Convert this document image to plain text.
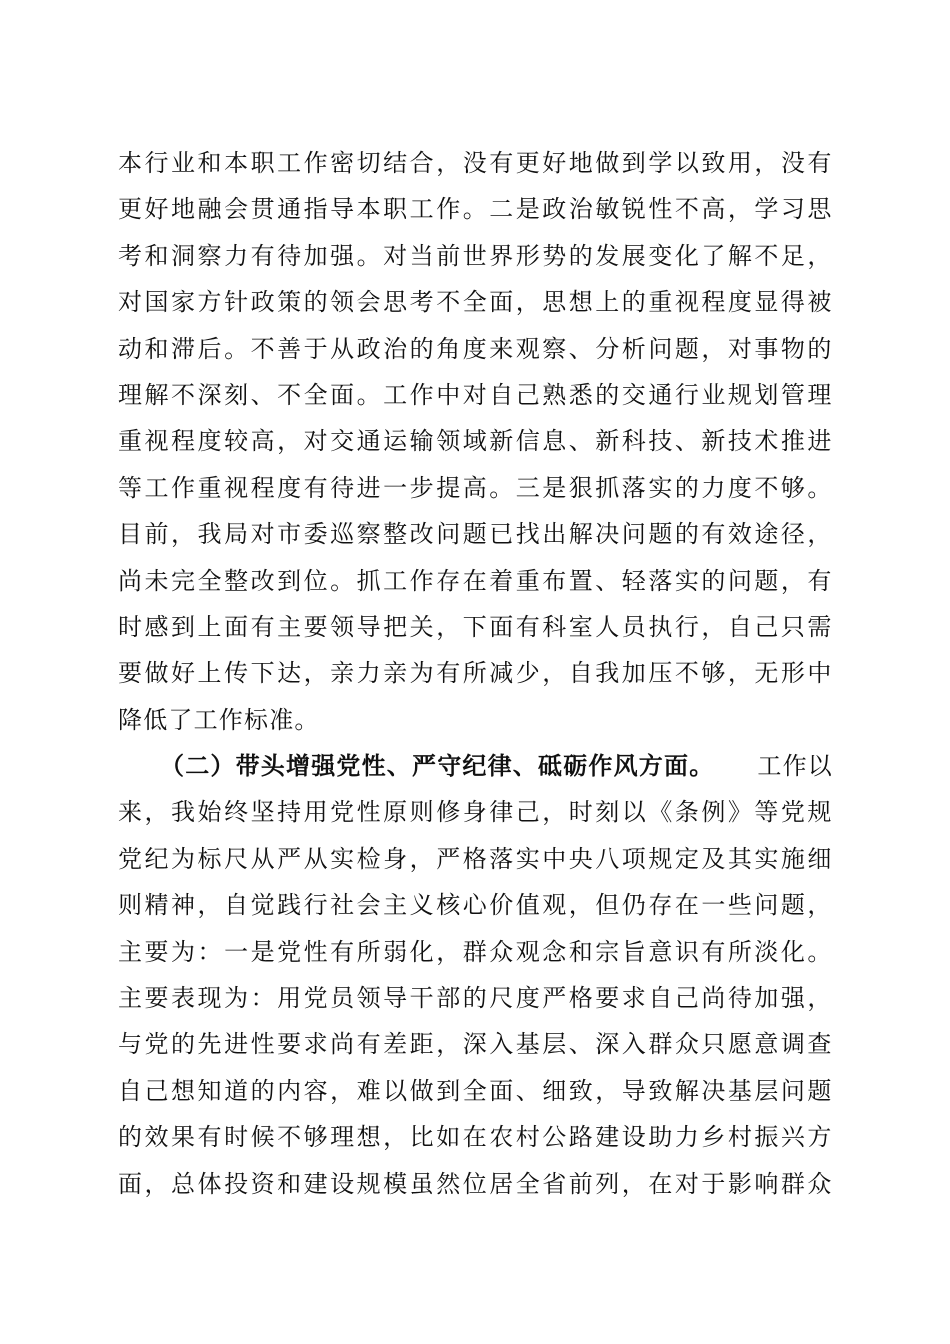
本 行 业 和 本 职 工 作 密 切 结 合 ， 没 有 更 好 地 做 到 学 以 致 用 ， 没 有
更 好 地 融 会 贯 通 指 导 本 职 工 作 。 二 是 政 治 敏 锐 性 不 高 ， 学 习 思
考 和 洞 察 力 有 待 加 强 。 对 当 前 世 界 形 势 的 发 展 变 化 了 解 不 足 ，
对 国 家 方 针 政 策 的 领 会 思 考 不 全 面 ， 思 想 上 的 重 视 程 度 显 得 被
动 和 滞 后 。 不 善 于 从 政 治 的 角 度 来 观 察 、 分 析 问 题 ， 对 事 物 的
理 解 不 深 刻 、 不 全 面 。 工 作 中 对 自 己 熟 悉 的 交 通 行 业 规 划 管 理
重 视 程 度 较 高 ， 对 交 通 运 输 领 域 新 信 息 、 新 科 技 、 新 技 术 推 进
等 工 作 重 视 程 度 有 待 进 一 步 提 高 。 三 是 狠 抓 落 实 的 力 度 不 够 。
目 前 ， 我 局 对 市 委 巡 察 整 改 问 题 已 找 出 解 决 问 题 的 有 效 途 径 ，
尚 未 完 全 整 改 到 位 。 抓 工 作 存 在 着 重 布 置 、 轻 落 实 的 问 题 ， 有
时 感 到 上 面 有 主 要 领 导 把 关 ， 下 面 有 科 室 人 员 执 行 ， 自 己 只 需
要 做 好 上 传 下 达 ， 亲 力 亲 为 有 所 减 少 ， 自 我 加 压 不 够 ， 无 形 中
降低了工作标准。
（二）带头增强党性、严守纪律、砥砺作风方面。 工作以
来 ， 我 始 终 坚 持 用 党 性 原 则 修 身 律 己 ， 时 刻 以 《 条 例 》 等 党 规
党 纪 为 标 尺 从 严 从 实 检 身 ， 严 格 落 实 中 央 八 项 规 定 及 其 实 施 细
则 精 神 ， 自 觉 践 行 社 会 主 义 核 心 价 值 观 ， 但 仍 存 在 一 些 问 题 ，
主 要 为 ： 一 是 党 性 有 所 弱 化 ， 群 众 观 念 和 宗 旨 意 识 有 所 淡 化 。
主 要 表 现 为 ： 用 党 员 领 导 干 部 的 尺 度 严 格 要 求 自 己 尚 待 加 强 ，
与 党 的 先 进 性 要 求 尚 有 差 距 ， 深 入 基 层 、 深 入 群 众 只 愿 意 调 查
自 己 想 知 道 的 内 容 ， 难 以 做 到 全 面 、 细 致 ， 导 致 解 决 基 层 问 题
的 效 果 有 时 候 不 够 理 想 ， 比 如 在 农 村 公 路 建 设 助 力 乡 村 振 兴 方
面 ， 总 体 投 资 和 建 设 规 模 虽 然 位 居 全 省 前 列 ， 在 对 于 影 响 群 众
